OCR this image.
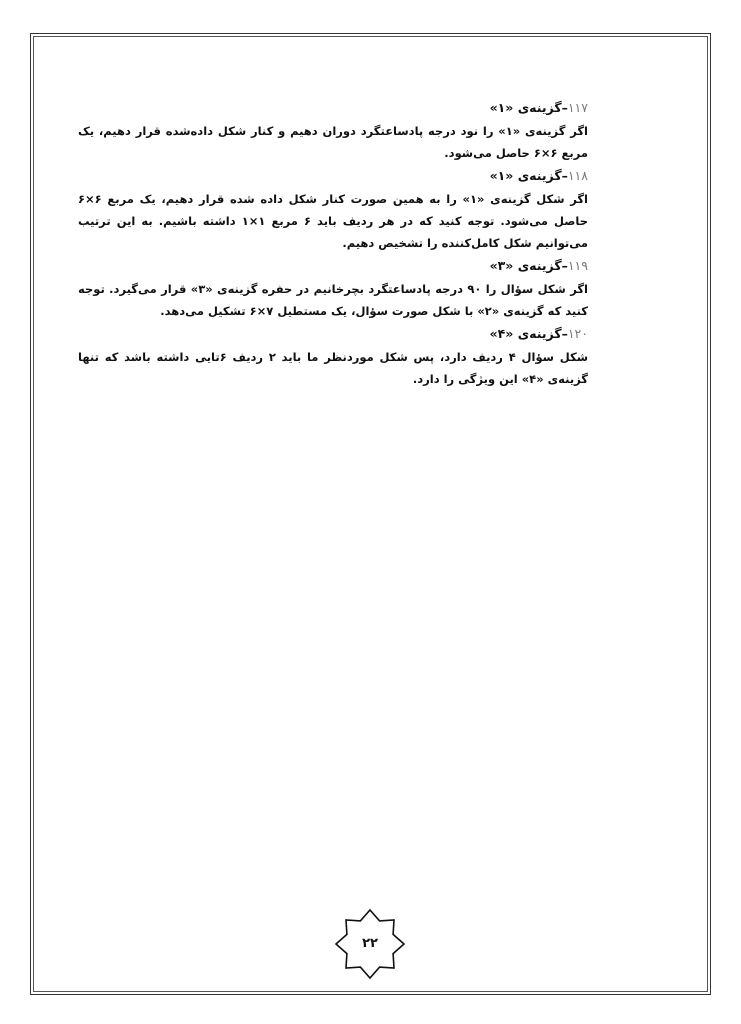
۱۱۷–گزینه‌ی «۱»
اگر گزینه‌ی «۱» را نود درجه پادساعتگرد دوران دهیم و کنار شکل داده‌شده قرار دهیم، یک مربع ۶×۶ حاصل می‌شود.
۱۱۸–گزینه‌ی «۱»
اگر شکل گزینه‌ی «۱» را به همین صورت کنار شکل داده شده قرار دهیم، یک مربع ۶×۶ حاصل می‌شود. توجه کنید که در هر ردیف باید ۶ مربع ۱×۱ داشته باشیم. به این ترتیب می‌توانیم شکل کامل‌کننده را تشخیص دهیم.
۱۱۹–گزینه‌ی «۳»
اگر شکل سؤال را ۹۰ درجه پادساعتگرد بچرخانیم در حفره گزینه‌ی «۳» قرار می‌گیرد. توجه کنید که گزینه‌ی «۲» با شکل صورت سؤال، یک مستطیل ۷×۶ تشکیل می‌دهد.
۱۲۰–گزینه‌ی «۴»
شکل سؤال ۴ ردیف دارد، پس شکل موردنظر ما باید ۲ ردیف ۶تایی داشته باشد که تنها گزینه‌ی «۴» این ویژگی را دارد.
۲۲
